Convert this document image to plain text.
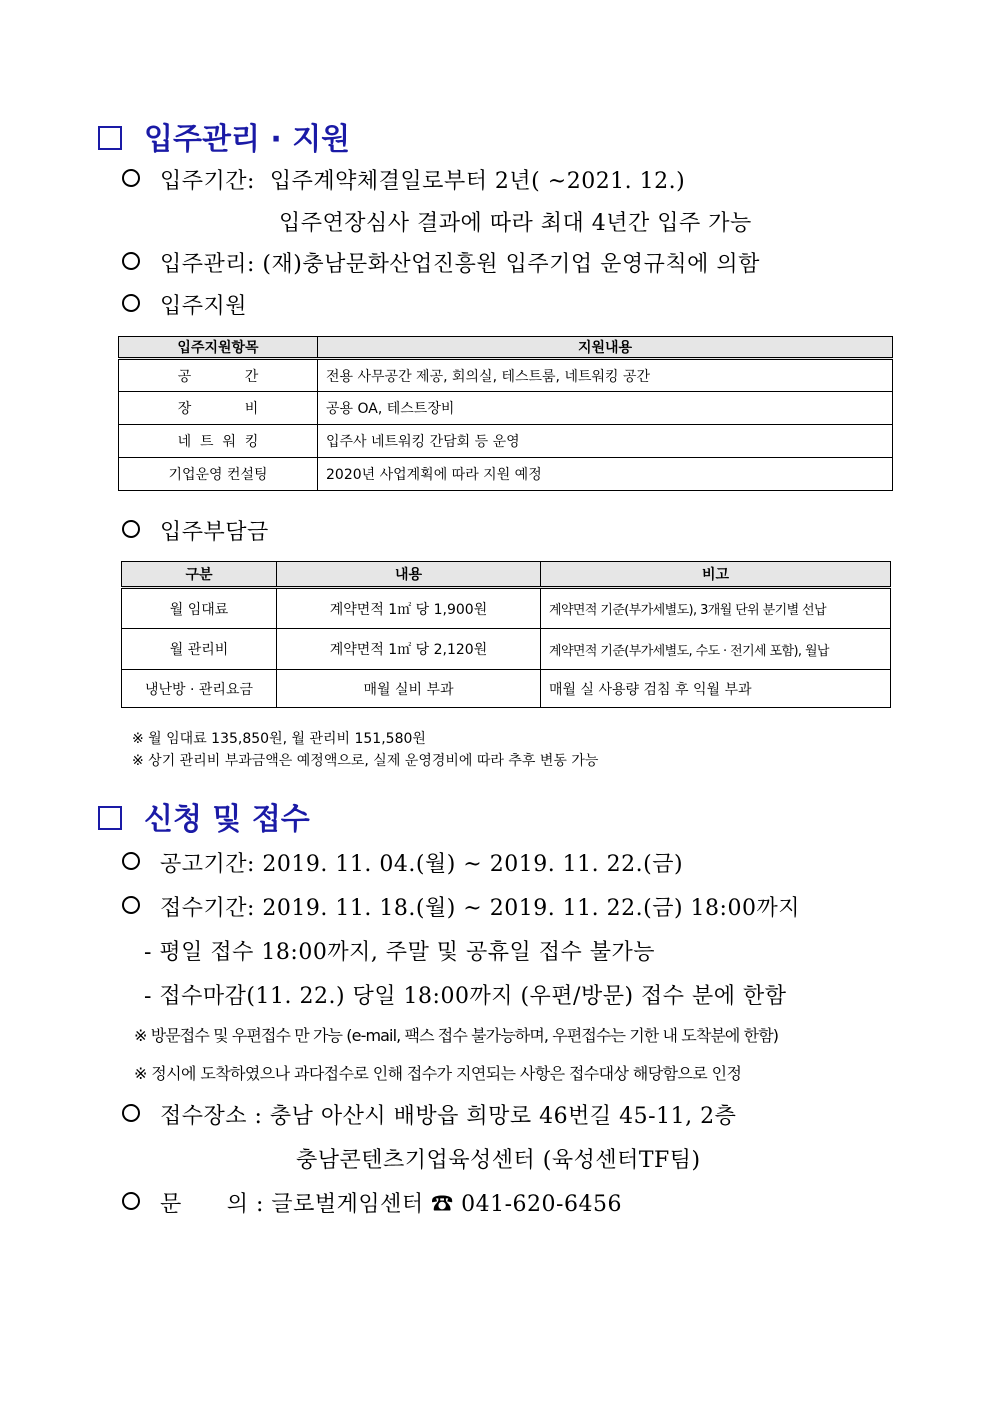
입주관리 · 지원
입주기간: 입주계약체결일로부터 2년( ~2021. 12.)
입주연장심사 결과에 따라 최대 4년간 입주 가능
입주관리: (재)충남문화산업진흥원 입주기업 운영규칙에 의함
입주지원
입주지원항목	지원내용
공            간	전용 사무공간 제공, 회의실, 테스트룸, 네트워킹 공간
장            비	공용 OA, 테스트장비
네  트  워  킹	입주사 네트워킹 간담회 등 운영
기업운영 컨설팅	2020년 사업계획에 따라 지원 예정
입주부담금
구분	내용	비고
월 임대료	계약면적 1㎡ 당 1,900원	계약면적 기준(부가세별도), 3개월 단위 분기별 선납
월 관리비	계약면적 1㎡ 당 2,120원	계약면적 기준(부가세별도, 수도 · 전기세 포함), 월납
냉난방 · 관리요금	매월 실비 부과	매월 실 사용량 검침 후 익월 부과
※ 월 임대료 135,850원, 월 관리비 151,580원
※ 상기 관리비 부과금액은 예정액으로, 실제 운영경비에 따라 추후 변동 가능
신청 및 접수
공고기간: 2019. 11. 04.(월) ~ 2019. 11. 22.(금)
접수기간: 2019. 11. 18.(월) ~ 2019. 11. 22.(금) 18:00까지
- 평일 접수 18:00까지, 주말 및 공휴일 접수 불가능
- 접수마감(11. 22.) 당일 18:00까지 (우편/방문) 접수 분에 한함
※ 방문접수 및 우편접수 만 가능 (e-mail, 팩스 접수 불가능하며, 우편접수는 기한 내 도착분에 한함)
※ 정시에 도착하였으나 과다접수로 인해 접수가 지연되는 사항은 접수대상 해당함으로 인정
접수장소 : 충남 아산시 배방읍 희망로 46번길 45-11, 2층
충남콘텐츠기업육성센터 (육성센터TF팀)
문      의 : 글로벌게임센터 ☎ 041-620-6456
